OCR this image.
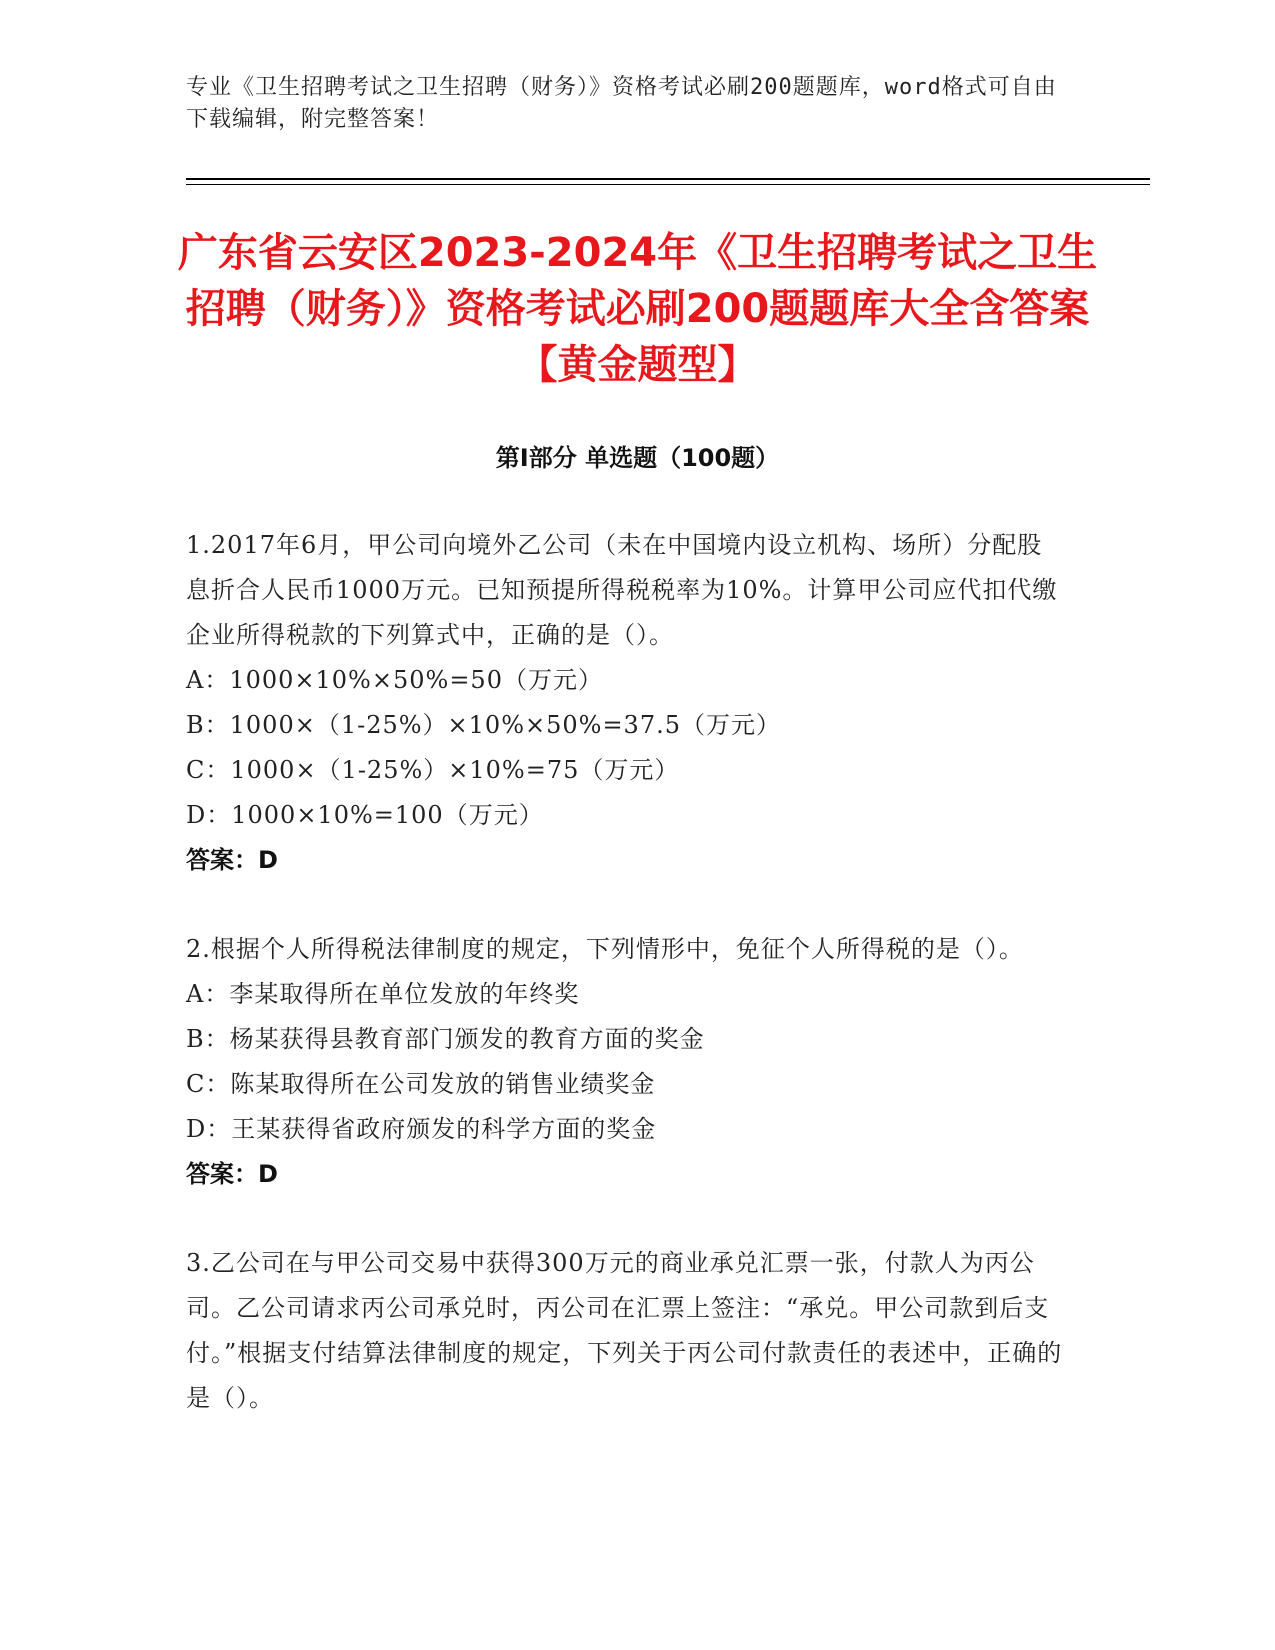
专业《卫生招聘考试之卫生招聘（财务）》资格考试必刷200题题库，word格式可自由下载编辑，附完整答案！
广东省云安区2023-2024年《卫生招聘考试之卫生招聘（财务）》资格考试必刷200题题库大全含答案【黄金题型】
第Ⅰ部分 单选题（100题）
1.2017年6月，甲公司向境外乙公司（未在中国境内设立机构、场所）分配股息折合人民币1000万元。已知预提所得税税率为10%。计算甲公司应代扣代缴企业所得税款的下列算式中，正确的是（）。
A：1000×10%×50%=50（万元）
B：1000×（1-25%）×10%×50%=37.5（万元）
C：1000×（1-25%）×10%=75（万元）
D：1000×10%=100（万元）
答案：D
2.根据个人所得税法律制度的规定，下列情形中，免征个人所得税的是（）。
A：李某取得所在单位发放的年终奖
B：杨某获得县教育部门颁发的教育方面的奖金
C：陈某取得所在公司发放的销售业绩奖金
D：王某获得省政府颁发的科学方面的奖金
答案：D
3.乙公司在与甲公司交易中获得300万元的商业承兑汇票一张，付款人为丙公司。乙公司请求丙公司承兑时，丙公司在汇票上签注：“承兑。甲公司款到后支付。”根据支付结算法律制度的规定，下列关于丙公司付款责任的表述中，正确的是（）。
